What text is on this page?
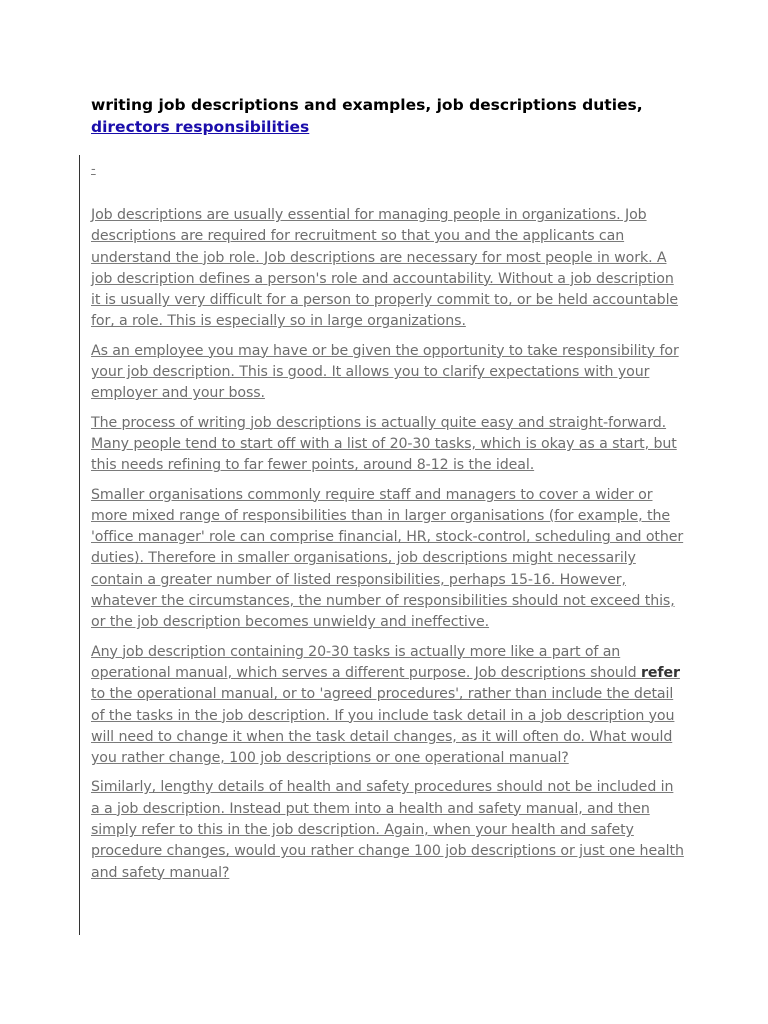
writing job descriptions and examples, job descriptions duties, directors responsibilities
-

Job descriptions are usually essential for managing people in organizations. Job descriptions are required for recruitment so that you and the applicants can understand the job role. Job descriptions are necessary for most people in work. A job description defines a person's role and accountability. Without a job description it is usually very difficult for a person to properly commit to, or be held accountable for, a role. This is especially so in large organizations.

As an employee you may have or be given the opportunity to take responsibility for your job description. This is good. It allows you to clarify expectations with your employer and your boss.

The process of writing job descriptions is actually quite easy and straight-forward. Many people tend to start off with a list of 20-30 tasks, which is okay as a start, but this needs refining to far fewer points, around 8-12 is the ideal.

Smaller organisations commonly require staff and managers to cover a wider or more mixed range of responsibilities than in larger organisations (for example, the 'office manager' role can comprise financial, HR, stock-control, scheduling and other duties). Therefore in smaller organisations, job descriptions might necessarily contain a greater number of listed responsibilities, perhaps 15-16. However, whatever the circumstances, the number of responsibilities should not exceed this, or the job description becomes unwieldy and ineffective.

Any job description containing 20-30 tasks is actually more like a part of an operational manual, which serves a different purpose. Job descriptions should refer to the operational manual, or to 'agreed procedures', rather than include the detail of the tasks in the job description. If you include task detail in a job description you will need to change it when the task detail changes, as it will often do. What would you rather change, 100 job descriptions or one operational manual?

Similarly, lengthy details of health and safety procedures should not be included in a a job description. Instead put them into a health and safety manual, and then simply refer to this in the job description. Again, when your health and safety procedure changes, would you rather change 100 job descriptions or just one health and safety manual?
